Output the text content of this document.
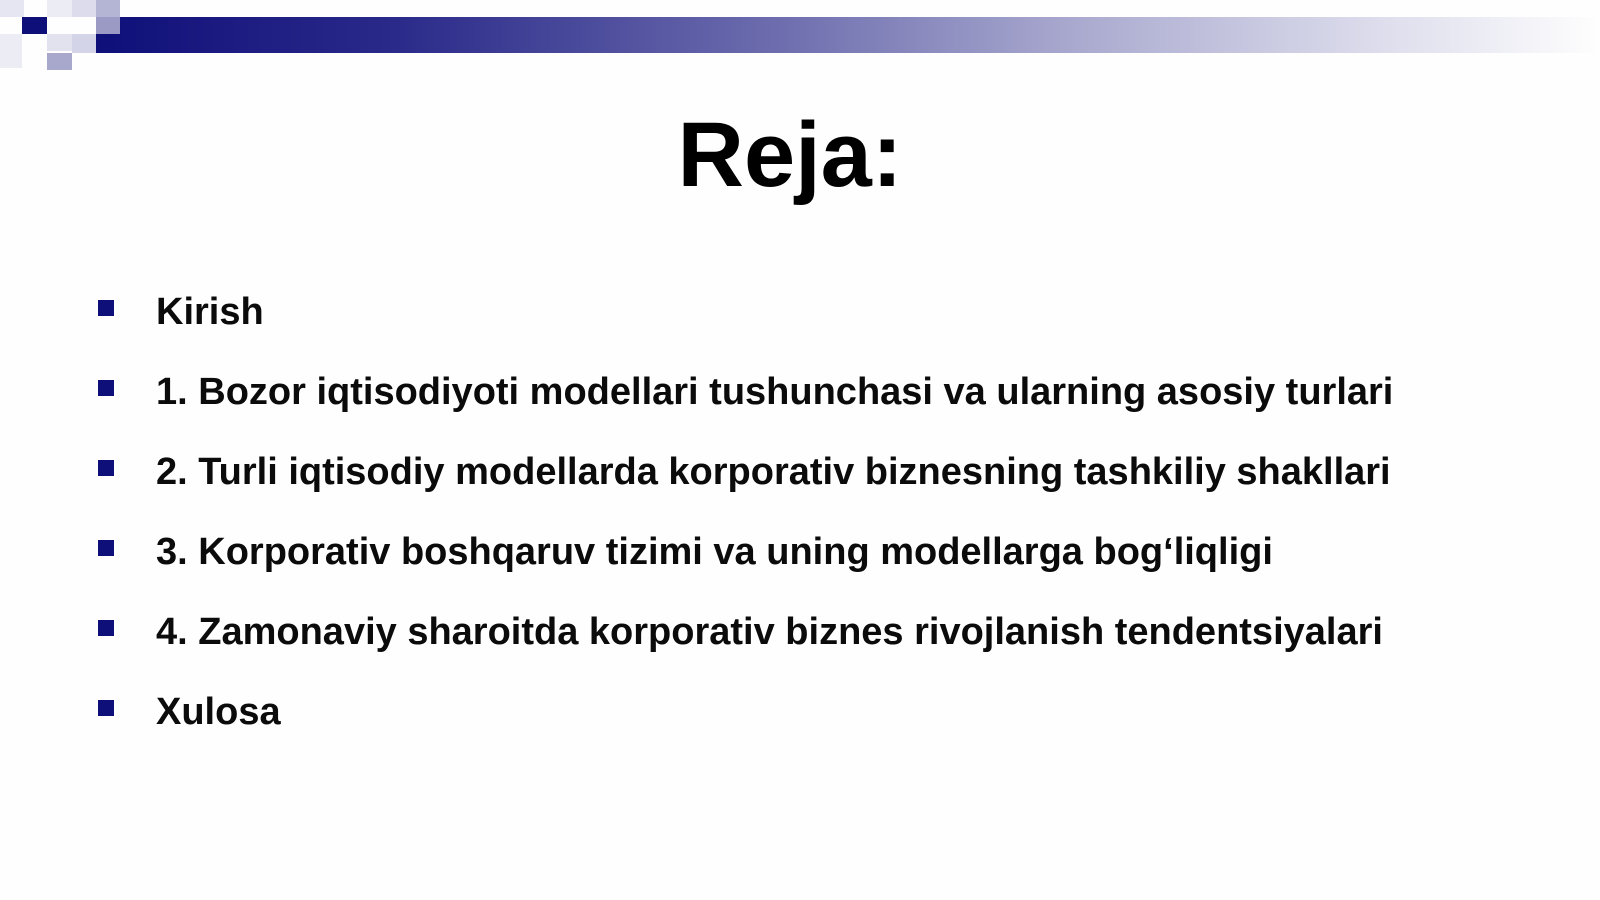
Reja:
Kirish
1. Bozor iqtisodiyoti modellari tushunchasi va ularning asosiy turlari
2. Turli iqtisodiy modellarda korporativ biznesning tashkiliy shakllari
3. Korporativ boshqaruv tizimi va uning modellarga bog‘liqligi
4. Zamonaviy sharoitda korporativ biznes rivojlanish tendentsiyalari
Xulosa
